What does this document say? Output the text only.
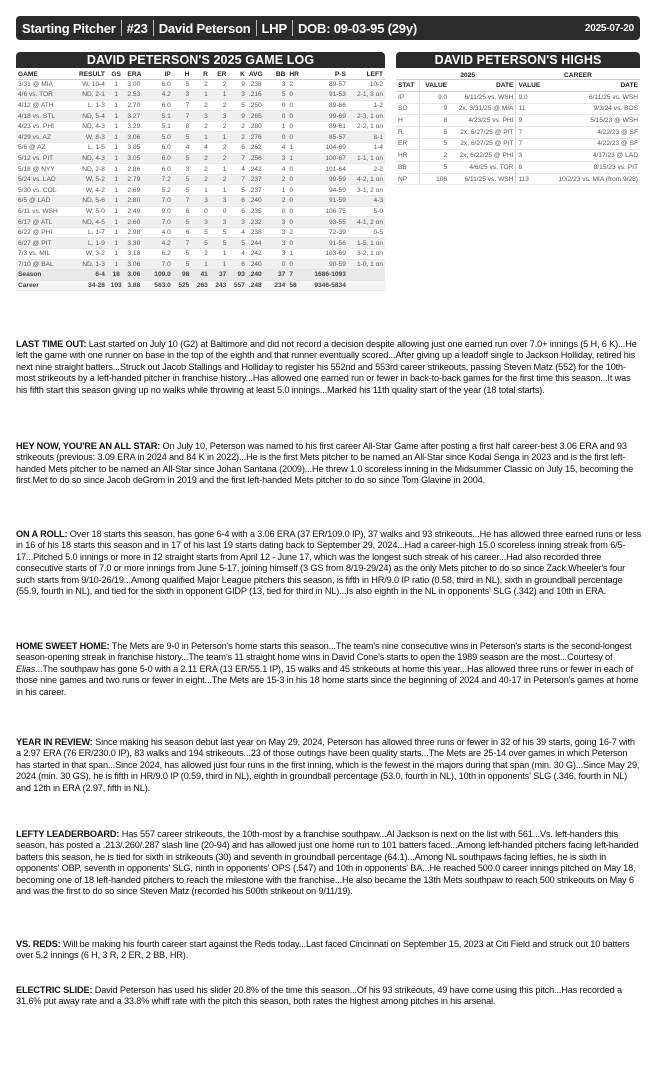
Starting Pitcher #23 David Peterson LHP DOB: 09-03-95 (29y)	2025-07-20
DAVID PETERSON'S 2025 GAME LOG
GAME	RESULT	GS	ERA	IP	H	R	ER	K	AVG	BB	HR	P-S	LEFT
3/31 @ MIA	W, 10-4	1	3.00	6.0	5	2	2	9	.238	3	2	89-57	10-2
4/6 vs. TOR	ND, 2-1	1	2.53	4.2	3	1	1	3	.216	5	0	91-53	2-1, 3 on
4/12 @ ATH	L, 1-3	1	2.70	6.0	7	2	2	5	.250	0	0	89-66	1-2
4/18 vs. STL	ND, 5-4	1	3.27	5.1	7	3	3	9	.265	0	0	99-69	2-3, 1 on
4/23 vs. PHI	ND, 4-3	1	3.29	5.1	8	2	2	2	.280	1	0	89-61	2-2, 1 on
4/29 vs. AZ	W, 8-3	1	3.06	5.0	5	1	1	2	.276	0	0	85-57	8-1
5/6 @ AZ	L, 1-5	1	3.05	6.0	4	4	2	6	.262	4	1	104-69	1-4
5/12 vs. PIT	ND, 4-3	1	3.05	6.0	5	2	2	7	.256	3	1	100-67	1-1, 1 on
5/18 @ NYY	ND, 2-8	1	2.86	6.0	3	2	1	4	.242	4	0	101-64	2-2
5/24 vs. LAD	W, 5-2	1	2.79	7.2	5	2	2	7	.237	2	0	99-59	4-2, 1 on
5/30 vs. COL	W, 4-2	1	2.69	5.2	5	1	1	5	.237	1	0	94-59	3-1, 2 on
6/5 @ LAD	ND, 5-6	1	2.80	7.0	7	3	3	6	.240	2	0	91-59	4-3
6/11 vs. WSH	W, 5-0	1	2.49	9.0	6	0	0	6	.235	0	0	106-75	5-0
6/17 @ ATL	ND, 4-5	1	2.60	7.0	5	3	3	3	.232	3	0	93-55	4-1, 2 on
6/22 @ PHI	L, 1-7	1	2.98	4.0	6	5	5	4	.238	3	2	72-39	0-5
6/27 @ PIT	L, 1-9	1	3.30	4.2	7	5	5	5	.244	3	0	91-56	1-5, 1 on
7/3 vs. MIL	W, 3-2	1	3.18	6.2	5	2	1	4	.242	3	1	103-69	3-2, 1 on
7/10 @ BAL	ND, 1-3	1	3.06	7.0	5	1	1	6	.240	0	0	90-59	1-0, 1 on
Season	6-4	18	3.06	109.0	98	41	37	93	.240	37	7	1686-1093	
Career	34-28	103	3.88	563.0	525	263	243	557	.248	234	58	9346-5834	
DAVID PETERSON'S HIGHS
	2025		CAREER	
STAT	VALUE	DATE	VALUE	DATE
IP	9.0	6/11/25 vs. WSH	9.0	6/11/25 vs. WSH
SO	9	2x, 3/31/25 @ MIA	11	9/3/24 vs. BOS
H	8	4/23/25 vs. PHI	9	5/15/23 @ WSH
R	5	2x, 6/27/25 @ PIT	7	4/22/23 @ SF
ER	5	2x, 6/27/25 @ PIT	7	4/22/23 @ SF
HR	2	2x, 6/22/25 @ PHI	3	4/17/23 @ LAD
BB	5	4/6/25 vs. TOR	6	8/15/23 vs. PIT
NP	106	6/11/25 vs. WSH	113	10/2/23 vs. MIA (from 9/28)

LAST TIME OUT: Last started on July 10 (G2) at Baltimore and did not record a decision despite allowing just one earned run over 7.0+ innings (5 H, 6 K)...He left the game with one runner on base in the top of the eighth and that runner eventually scored...After giving up a leadoff single to Jackson Holliday, retired his next nine straight batters...Struck out Jacob Stallings and Holliday to register his 552nd and 553rd career strikeouts, passing Steven Matz (552) for the 10th-most strikeouts by a left-handed pitcher in franchise history...Has allowed one earned run or fewer in back-to-back games for the first time this season...It was his fifth start this season giving up no walks while throwing at least 5.0 innings...Marked his 11th quality start of the year (18 total starts).

HEY NOW, YOU'RE AN ALL STAR: On July 10, Peterson was named to his first career All-Star Game after posting a first half career-best 3.06 ERA and 93 strikeouts (previous: 3.09 ERA in 2024 and 84 K in 2022)...He is the first Mets pitcher to be named an All-Star since Kodai Senga in 2023 and is the first left-handed Mets pitcher to be named an All-Star since Johan Santana (2009)...He threw 1.0 scoreless inning in the Midsummer Classic on July 15, becoming the first Met to do so since Jacob deGrom in 2019 and the first left-handed Mets pitcher to do so since Tom Glavine in 2004.

ON A ROLL: Over 18 starts this season, has gone 6-4 with a 3.06 ERA (37 ER/109.0 IP), 37 walks and 93 strikeouts...He has allowed three earned runs or less in 16 of his 18 starts this season and in 17 of his last 19 starts dating back to September 29, 2024...Had a career-high 15.0 scoreless inning streak from 6/5-17...Pitched 5.0 innings or more in 12 straight starts from April 12 - June 17, which was the longest such streak of his career...Had also recorded three consecutive starts of 7.0 or more innings from June 5-17, joining himself (3 GS from 8/19-29/24) as the only Mets pitcher to do so since Zack Wheeler's four such starts from 9/10-26/19...Among qualified Major League pitchers this season, is fifth in HR/9.0 IP ratio (0.58, third in NL), sixth in groundball percentage (55.9, fourth in NL), and tied for the sixth in opponent GIDP (13, tied for third in NL)...Is also eighth in the NL in opponents' SLG (.342) and 10th in ERA.

HOME SWEET HOME: The Mets are 9-0 in Peterson's home starts this season...The team's nine consecutive wins in Peterson's starts is the second-longest season-opening streak in franchise history...The team's 11 straight home wins in David Cone's starts to open the 1989 season are the most...Courtesy of Elias...The southpaw has gone 5-0 with a 2.11 ERA (13 ER/55.1 IP), 15 walks and 45 strikeouts at home this year...Has allowed three runs or fewer in each of those nine games and two runs or fewer in eight...The Mets are 15-3 in his 18 home starts since the beginning of 2024 and 40-17 in Peterson's games at home in his career.

YEAR IN REVIEW: Since making his season debut last year on May 29, 2024, Peterson has allowed three runs or fewer in 32 of his 39 starts, going 16-7 with a 2.97 ERA (76 ER/230.0 IP), 83 walks and 194 strikeouts...23 of those outings have been quality starts...The Mets are 25-14 over games in which Peterson has started in that span...Since 2024, has allowed just four runs in the first inning, which is the fewest in the majors during that span (min. 30 G)...Since May 29, 2024 (min. 30 GS), he is fifth in HR/9.0 IP (0.59, third in NL), eighth in groundball percentage (53.0, fourth in NL), 10th in opponents' SLG (.346, fourth in NL) and 12th in ERA (2.97, fifth in NL).

LEFTY LEADERBOARD: Has 557 career strikeouts, the 10th-most by a franchise southpaw...Al Jackson is next on the list with 561...Vs. left-handers this season, has posted a .213/.260/.287 slash line (20-94) and has allowed just one home run to 101 batters faced...Among left-handed pitchers facing left-handed batters this season, he is tied for sixth in strikeouts (30) and seventh in groundball percentage (64.1)...Among NL southpaws facing lefties, he is sixth in opponents' OBP, seventh in opponents' SLG, ninth in opponents' OPS (.547) and 10th in opponents' BA...He reached 500.0 career innings pitched on May 18, becoming one of 18 left-handed pitchers to reach the milestone with the franchise...He also became the 13th Mets southpaw to reach 500 strikeouts on May 6 and was the first to do so since Steven Matz (recorded his 500th strikeout on 9/11/19).

VS. REDS: Will be making his fourth career start against the Reds today...Last faced Cincinnati on September 15, 2023 at Citi Field and struck out 10 batters over 5.2 innings (6 H, 3 R, 2 ER, 2 BB, HR).

ELECTRIC SLIDE: David Peterson has used his slider 20.8% of the time this season...Of his 93 strikeouts, 49 have come using this pitch...Has recorded a 31.6% put away rate and a 33.8% whiff rate with the pitch this season, both rates the highest among pitches in his arsenal.
